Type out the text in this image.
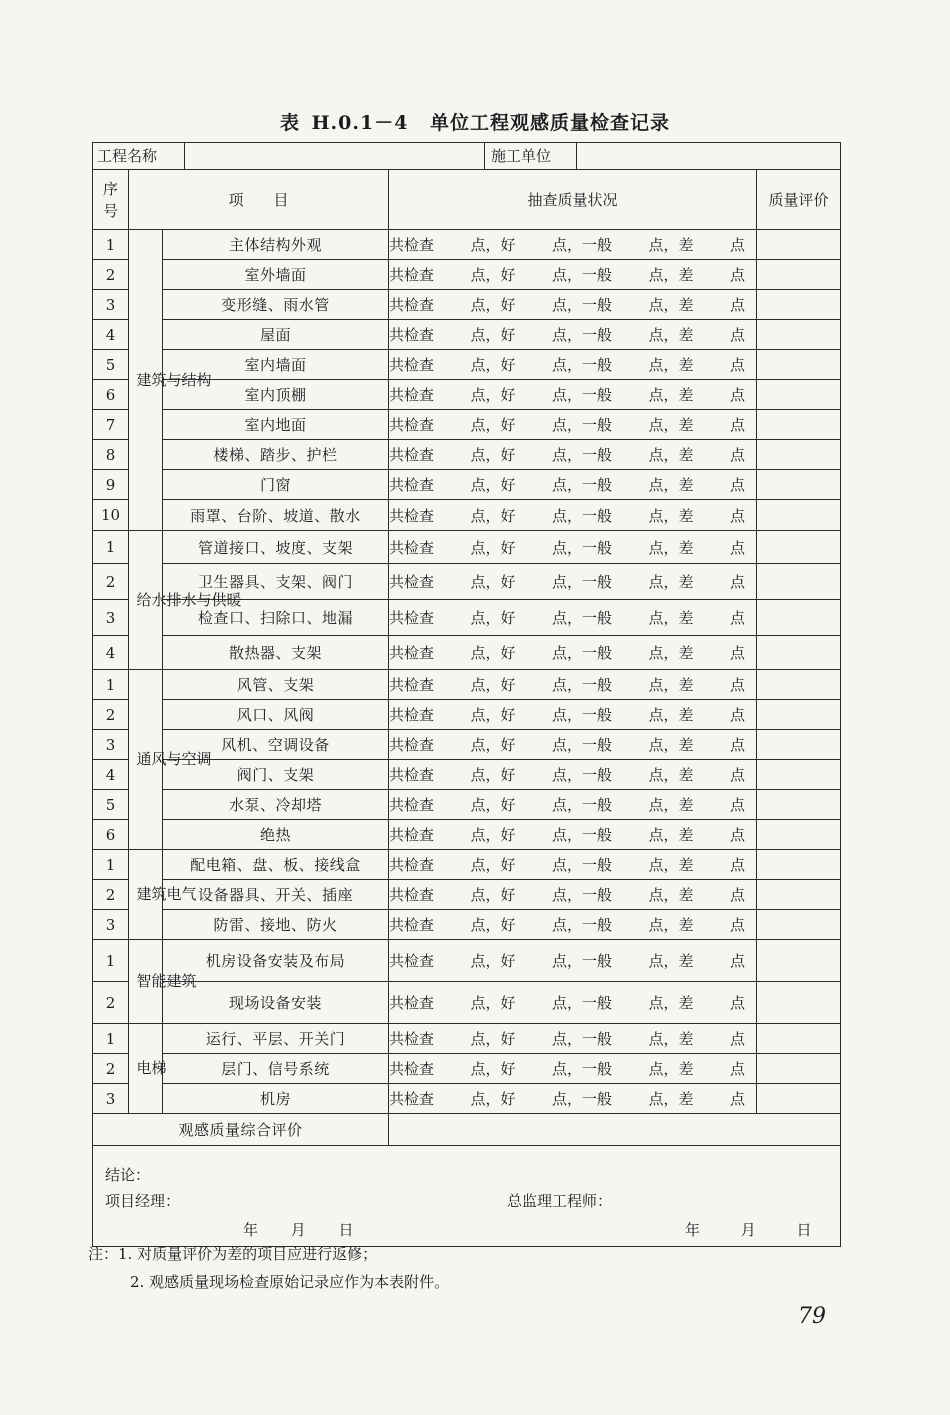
表 H.0.1－4 单位工程观感质量检查记录
工程名称 施工单位				

序号	项　　目		抽查质量状况	质量评价
1	建筑与结构	主体结构外观	共检查 点，好 点，一般 点，差 点	

2		室外墙面	共检查 点，好 点，一般 点，差 点	

3		变形缝、雨水管	共检查 点，好 点，一般 点，差 点	

4		屋面	共检查 点，好 点，一般 点，差 点	

5		室内墙面	共检查 点，好 点，一般 点，差 点	

6		室内顶棚	共检查 点，好 点，一般 点，差 点	

7		室内地面	共检查 点，好 点，一般 点，差 点	

8		楼梯、踏步、护栏	共检查 点，好 点，一般 点，差 点	

9		门窗	共检查 点，好 点，一般 点，差 点	

10		雨罩、台阶、坡道、散水	共检查 点，好 点，一般 点，差 点	

1	给水排水与供暖	管道接口、坡度、支架	共检查 点，好 点，一般 点，差 点	

2		卫生器具、支架、阀门	共检查 点，好 点，一般 点，差 点	

3		检查口、扫除口、地漏	共检查 点，好 点，一般 点，差 点	

4		散热器、支架	共检查 点，好 点，一般 点，差 点	

1	通风与空调	风管、支架	共检查 点，好 点，一般 点，差 点	

2		风口、风阀	共检查 点，好 点，一般 点，差 点	

3		风机、空调设备	共检查 点，好 点，一般 点，差 点	

4		阀门、支架	共检查 点，好 点，一般 点，差 点	

5		水泵、冷却塔	共检查 点，好 点，一般 点，差 点	

6		绝热	共检查 点，好 点，一般 点，差 点	

1	建筑电气	配电箱、盘、板、接线盒	共检查 点，好 点，一般 点，差 点	

2		设备器具、开关、插座	共检查 点，好 点，一般 点，差 点	

3		防雷、接地、防火	共检查 点，好 点，一般 点，差 点	

1	智能建筑	机房设备安装及布局	共检查 点，好 点，一般 点，差 点	

2		现场设备安装	共检查 点，好 点，一般 点，差 点	

1	电梯	运行、平层、开关门	共检查 点，好 点，一般 点，差 点	

2		层门、信号系统	共检查 点，好 点，一般 点，差 点	

3		机房	共检查 点，好 点，一般 点，差 点	

观感质量综合评价				

结论：
项目经理： 总监理工程师：
年 月 日 年 月 日				
注：1. 对质量评价为差的项目应进行返修；
2. 观感质量现场检查原始记录应作为本表附件。
79
